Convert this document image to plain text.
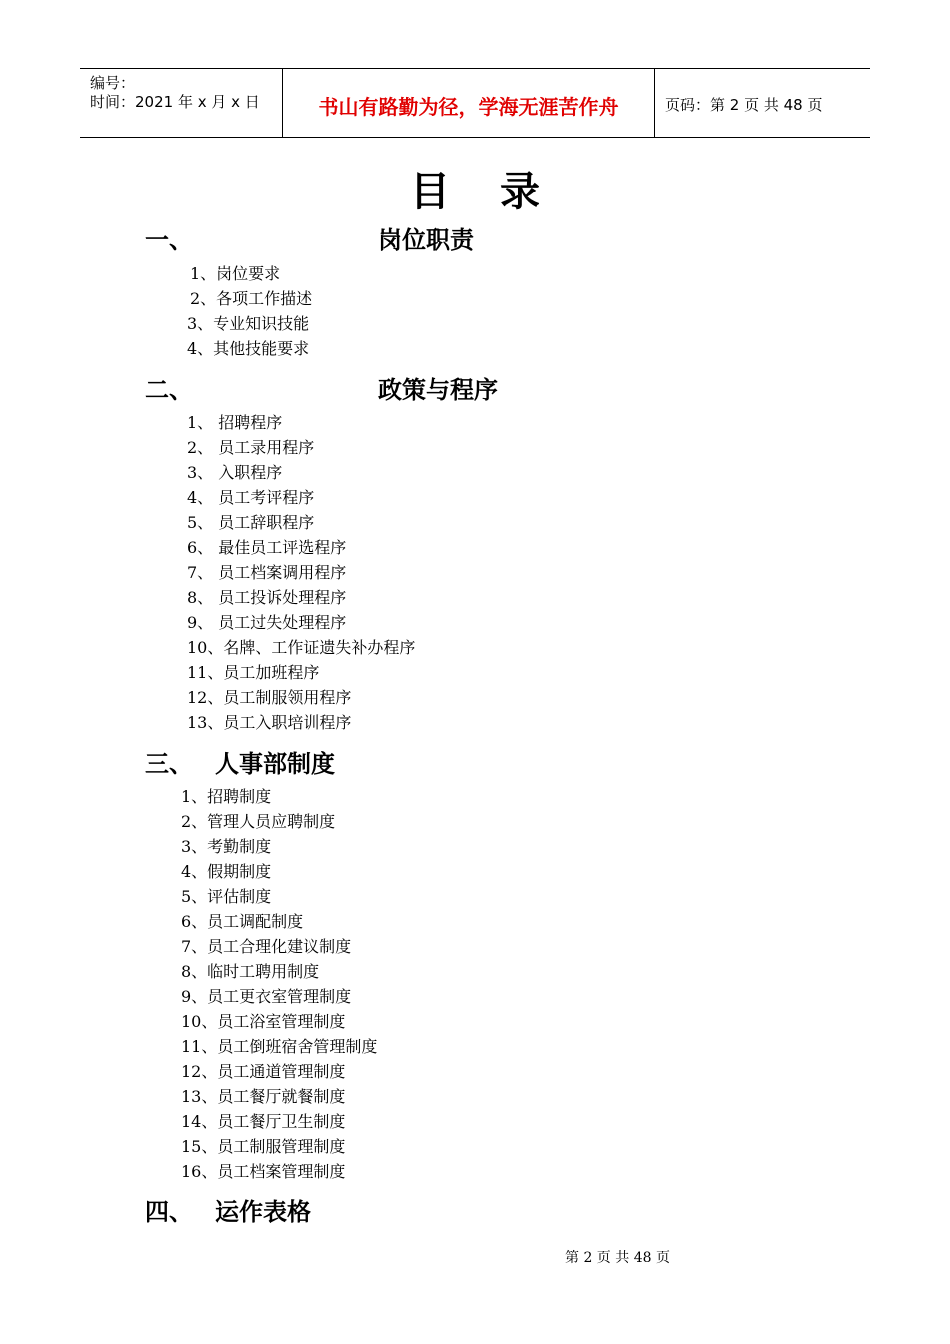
编号：
时间：2021 年 x 月 x 日	书山有路勤为径，学海无涯苦作舟	页码：第 2 页 共 48 页
目录
一、	岗位职责
1、岗位要求
2、各项工作描述
3、专业知识技能
4、其他技能要求
二、	政策与程序
1、 招聘程序
2、 员工录用程序
3、 入职程序
4、 员工考评程序
5、 员工辞职程序
6、 最佳员工评选程序
7、 员工档案调用程序
8、 员工投诉处理程序
9、 员工过失处理程序
10、名牌、工作证遗失补办程序
11、员工加班程序
12、员工制服领用程序
13、员工入职培训程序
三、 人事部制度
1、招聘制度
2、管理人员应聘制度
3、考勤制度
4、假期制度
5、评估制度
6、员工调配制度
7、员工合理化建议制度
8、临时工聘用制度
9、员工更衣室管理制度
10、员工浴室管理制度
11、员工倒班宿舍管理制度
12、员工通道管理制度
13、员工餐厅就餐制度
14、员工餐厅卫生制度
15、员工制服管理制度
16、员工档案管理制度
四、 运作表格
第 2 页 共 48 页
